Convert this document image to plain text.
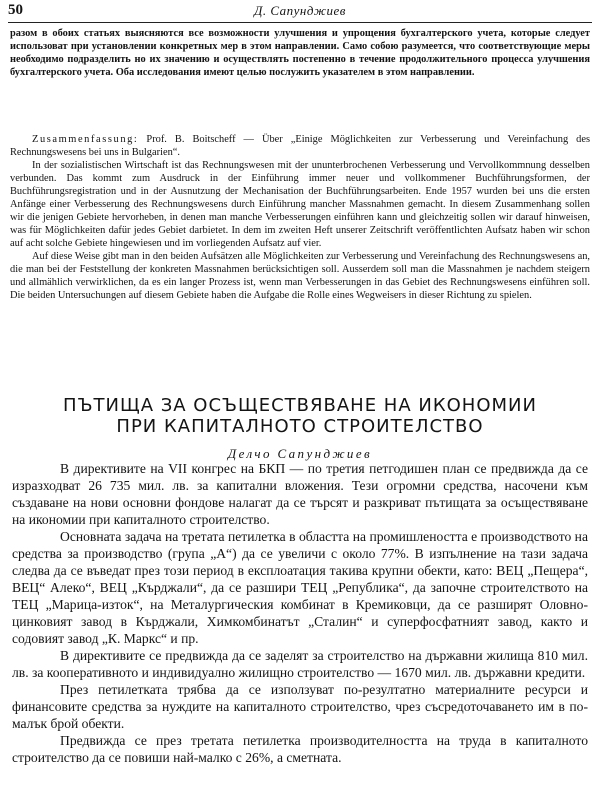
50	Д. Сапунджиев

разом в обоих статьях выясняются все возможности улучшения и упрощения бухгалтерского учета, которые следует использоват при установлении конкретных мер в этом направлении. Само собою разумеется, что соответствующие меры необходимо подразделить но их значению и осуществлять постепенно в течение продолжительного процесса улучшения бухгалтерского учета. Оба исследования имеют целью послужить указателем в этом направлении.

Zusammenfassung: Prof. B. Boitscheff — Über „Einige Möglichkeiten zur Verbesserung und Vereinfachung des Rechnungswesens bei uns in Bulgarien“.

In der sozialistischen Wirtschaft ist das Rechnungswesen mit der ununterbrochenen Verbesserung und Vervollkommnung desselben verbunden. Das kommt zum Ausdruck in der Einführung immer neuer und vollkommener Buchführungsformen, der Buchführungsregistration und in der Ausnutzung der Mechanisation der Buchführungsarbeiten. Ende 1957 wurden bei uns die ersten Anfänge einer Verbesserung des Rechnungswesens durch Einführung mancher Massnahmen gemacht. In diesem Zusammenhang sollen wir die jenigen Gebiete hervorheben, in denen man manche Verbesserungen einführen kann und gleichzeitig sollen wir darauf hinweisen, was für Möglichkeiten dafür jedes Gebiet darbietet. In dem im zweiten Heft unserer Zeitschrift veröffentlichten Aufsatz haben wir schon auf acht solche Gebiete hingewiesen und im vorliegenden Aufsatz auf vier.

Auf diese Weise gibt man in den beiden Aufsätzen alle Möglichkeiten zur Verbesserung und Vereinfachung des Rechnungswesens an, die man bei der Feststellung der konkreten Massnahmen berücksichtigen soll. Ausserdem soll man die Massnahmen je nachdem steigern und allmählich verwirklichen, da es ein langer Prozess ist, wenn man Verbesserungen in das Gebiet des Rechnungswesens einführen soll. Die beiden Untersuchungen auf diesem Gebiete haben die Aufgabe die Rolle eines Wegweisers in dieser Richtung zu spielen.

ПЪТИЩА ЗА ОСЪЩЕСТВЯВАНЕ НА ИКОНОМИИ
ПРИ КАПИТАЛНОТО СТРОИТЕЛСТВО
Делчо Сапунджиев

В директивите на VII конгрес на БКП — по третия петгодишен план се предвижда да се изразходват 26 735 мил. лв. за капитални вложения. Тези огромни средства, насочени към създаване на нови основни фондове налагат да се търсят и разкриват пътищата за осъществяване на икономии при капиталното строителство.

Основната задача на третата петилетка в областта на промишлеността е производството на средства за производство (група „А“) да се увеличи с около 77%. В изпълнение на тази задача следва да се въведат през този период в експлоатация такива крупни обекти, като: ВЕЦ „Пещера“, ВЕЦ“ Алеко“, ВЕЦ „Кърджали“, да се разшири ТЕЦ „Република“, да започне строителството на ТЕЦ „Марица-изток“, на Металургическия комбинат в Кремиковци, да се разширят Оловно-цинковият завод в Кърджали, Химкомбинатът „Сталин“ и суперфосфатният завод, както и содовият завод „К. Маркс“ и пр.

В директивите се предвижда да се заделят за строителство на държавни жилища 810 мил. лв. за кооперативното и индивидуално жилищно строителство — 1670 мил. лв. държавни кредити.

През петилетката трябва да се използуват по-резултатно материалните ресурси и финансовите средства за нуждите на капиталното строителство, чрез съсредоточаването им в по-малък брой обекти.

Предвижда се през третата петилетка производителността на труда в капиталното строителство да се повиши най-малко с 26%, а сметната.
